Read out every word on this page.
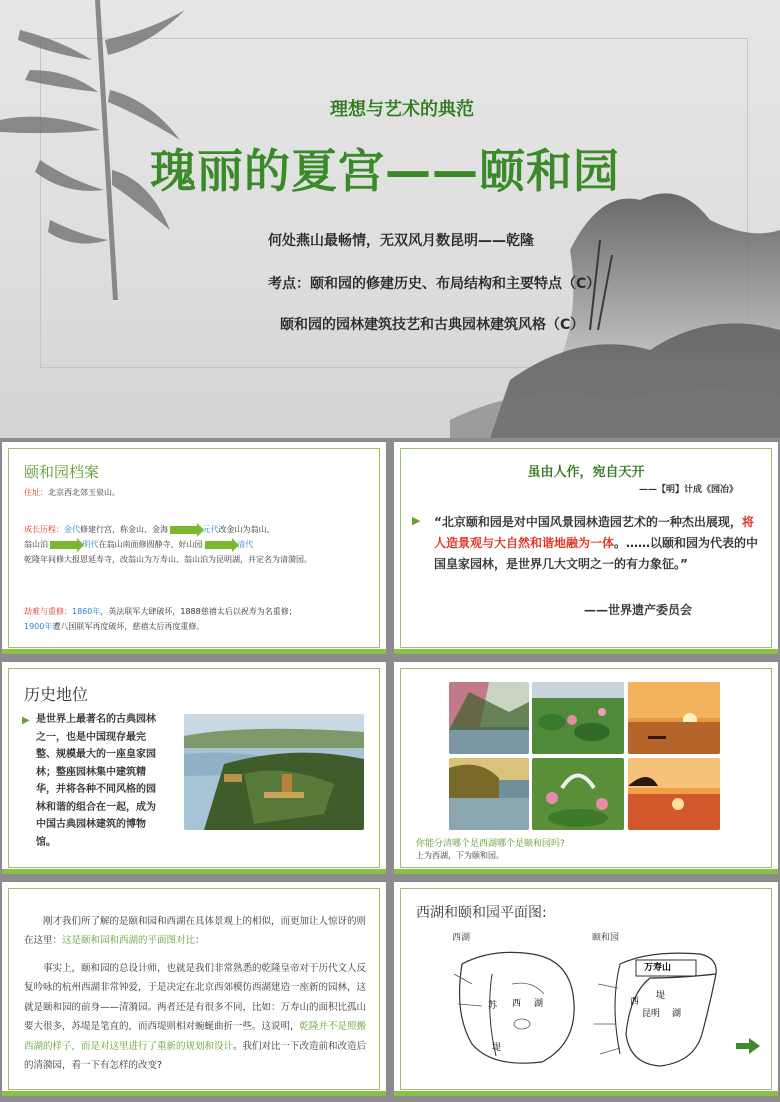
理想与艺术的典范
瑰丽的夏宫——颐和园
何处燕山最畅情，无双风月数昆明——乾隆
考点：颐和园的修建历史、布局结构和主要特点（C）
颐和园的园林建筑技艺和古典园林建筑风格（C）
颐和园档案
住址：北京西北郊玉泉山。
成长历程：金代修建行宫，称金山、金海	元代改金山为翁山、
翁山泊	明代在翁山南面修圆静寺、好山园	清代
乾隆年间修大报恩延寿寺，改翁山为万寿山、翁山泊为昆明湖，并定名为清漪园。
劫难与重修：1860年，英法联军大肆破坏，1888慈禧太后以祝寿为名重修；
1900年遭八国联军再度破坏，慈禧太后再度重修。
虽由人作，宛自天开
——【明】计成《园冶》
▶ “北京颐和园是对中国风景园林造园艺术的一种杰出展现，将人造景观与大自然和谐地融为一体。……以颐和园为代表的中国皇家园林，是世界几大文明之一的有力象征。”
——世界遗产委员会
历史地位
▶ 是世界上最著名的古典园林之一，也是中国现存最完整、规模最大的一座皇家园林；整座园林集中建筑精华，并将各种不同风格的园林和谐的组合在一起，成为中国古典园林建筑的博物馆。	你能分清哪个是西湖哪个是颐和园吗?
上为西湖，下为颐和园。
刚才我们所了解的是颐和园和西湖在具体景观上的相似，而更加让人惊讶的则在这里：这是颐和园和西湖的平面图对比：
事实上，颐和园的总设计师，也就是我们非常熟悉的乾隆皇帝对于历代文人反复吟咏的杭州西湖非常钟爱，于是决定在北京西郊模仿西湖建造一座新的园林，这就是颐和园的前身——清漪园。两者还是有很多不同，比如：万寿山的面积比孤山要大很多，苏堤是笔直的，而西堤则相对蜿蜒曲折一些。这说明，乾隆并不是照搬西湖的样子，而是对这里进行了重新的规划和设计。我们对比一下改造前和改造后的清漪园，看一下有怎样的改变?
西湖和颐和园平面图:
西湖	颐和园
西 湖
苏
堤
万寿山
西
堤
昆明 湖
